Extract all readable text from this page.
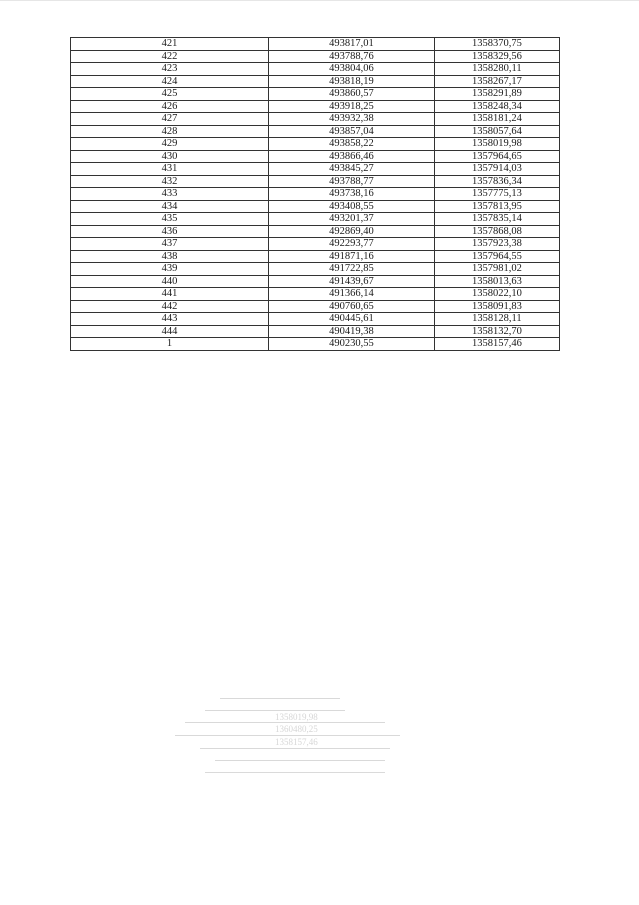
421	493817,01	1358370,75
422	493788,76	1358329,56
423	493804,06	1358280,11
424	493818,19	1358267,17
425	493860,57	1358291,89
426	493918,25	1358248,34
427	493932,38	1358181,24
428	493857,04	1358057,64
429	493858,22	1358019,98
430	493866,46	1357964,65
431	493845,27	1357914,03
432	493788,77	1357836,34
433	493738,16	1357775,13
434	493408,55	1357813,95
435	493201,37	1357835,14
436	492869,40	1357868,08
437	492293,77	1357923,38
438	491871,16	1357964,55
439	491722,85	1357981,02
440	491439,67	1358013,63
441	491366,14	1358022,10
442	490760,65	1358091,83
443	490445,61	1358128,11
444	490419,38	1358132,70
1	490230,55	1358157,46
1358019,98
1360480,25
1358157,46
